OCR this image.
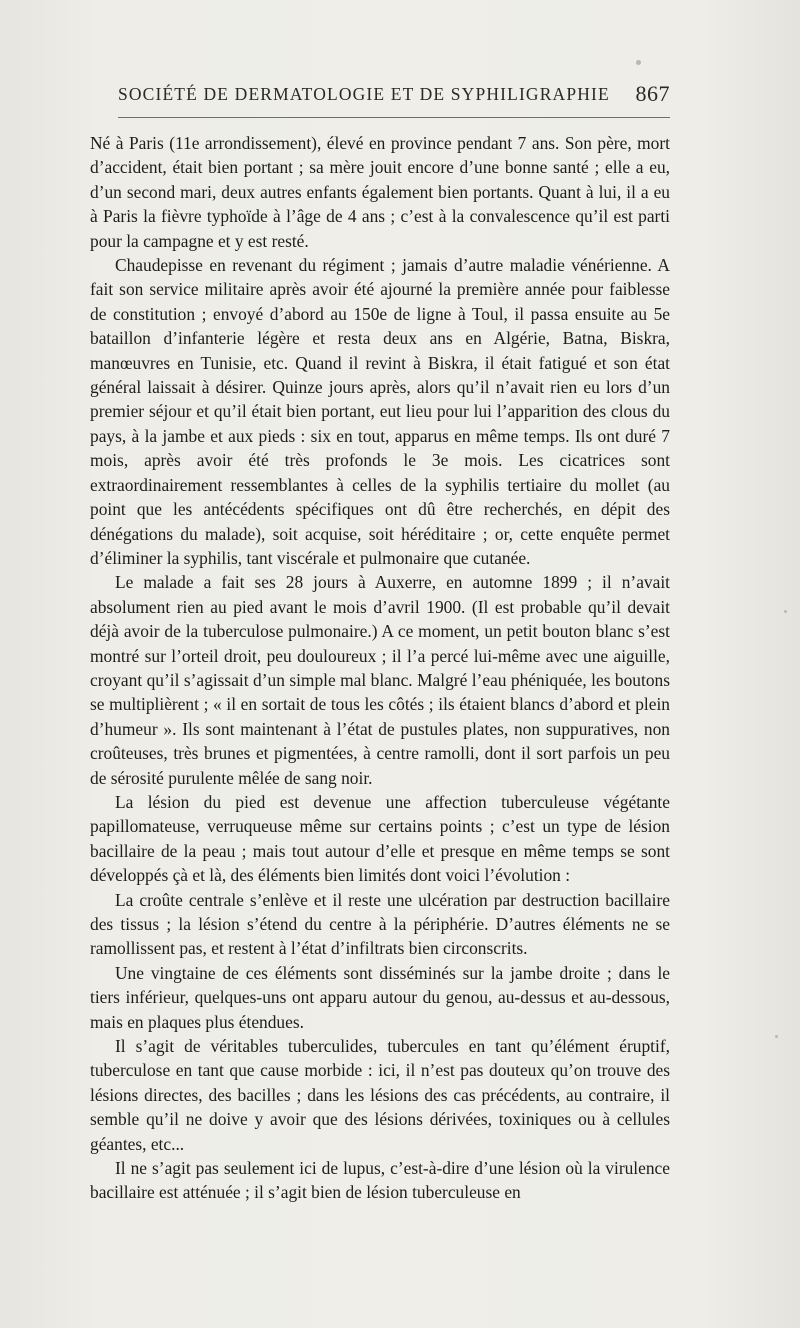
SOCIÉTÉ DE DERMATOLOGIE ET DE SYPHILIGRAPHIE 867

Né à Paris (11e arrondissement), élevé en province pendant 7 ans. Son père, mort d’accident, était bien portant ; sa mère jouit encore d’une bonne santé ; elle a eu, d’un second mari, deux autres enfants également bien portants. Quant à lui, il a eu à Paris la fièvre typhoïde à l’âge de 4 ans ; c’est à la convalescence qu’il est parti pour la campagne et y est resté.

Chaudepisse en revenant du régiment ; jamais d’autre maladie vénérienne. A fait son service militaire après avoir été ajourné la première année pour faiblesse de constitution ; envoyé d’abord au 150e de ligne à Toul, il passa ensuite au 5e bataillon d’infanterie légère et resta deux ans en Algérie, Batna, Biskra, manœuvres en Tunisie, etc. Quand il revint à Biskra, il était fatigué et son état général laissait à désirer. Quinze jours après, alors qu’il n’avait rien eu lors d’un premier séjour et qu’il était bien portant, eut lieu pour lui l’apparition des clous du pays, à la jambe et aux pieds : six en tout, apparus en même temps. Ils ont duré 7 mois, après avoir été très profonds le 3e mois. Les cicatrices sont extraordinairement ressemblantes à celles de la syphilis tertiaire du mollet (au point que les antécédents spécifiques ont dû être recherchés, en dépit des dénégations du malade), soit acquise, soit héréditaire ; or, cette enquête permet d’éliminer la syphilis, tant viscérale et pulmonaire que cutanée.

Le malade a fait ses 28 jours à Auxerre, en automne 1899 ; il n’avait absolument rien au pied avant le mois d’avril 1900. (Il est probable qu’il devait déjà avoir de la tuberculose pulmonaire.) A ce moment, un petit bouton blanc s’est montré sur l’orteil droit, peu douloureux ; il l’a percé lui-même avec une aiguille, croyant qu’il s’agissait d’un simple mal blanc. Malgré l’eau phéniquée, les boutons se multiplièrent ; « il en sortait de tous les côtés ; ils étaient blancs d’abord et plein d’humeur ». Ils sont maintenant à l’état de pustules plates, non suppuratives, non croûteuses, très brunes et pigmentées, à centre ramolli, dont il sort parfois un peu de sérosité purulente mêlée de sang noir.

La lésion du pied est devenue une affection tuberculeuse végétante papillomateuse, verruqueuse même sur certains points ; c’est un type de lésion bacillaire de la peau ; mais tout autour d’elle et presque en même temps se sont développés çà et là, des éléments bien limités dont voici l’évolution :

La croûte centrale s’enlève et il reste une ulcération par destruction bacillaire des tissus ; la lésion s’étend du centre à la périphérie. D’autres éléments ne se ramollissent pas, et restent à l’état d’infiltrats bien circonscrits.

Une vingtaine de ces éléments sont disséminés sur la jambe droite ; dans le tiers inférieur, quelques-uns ont apparu autour du genou, au-dessus et au-dessous, mais en plaques plus étendues.

Il s’agit de véritables tuberculides, tubercules en tant qu’élément éruptif, tuberculose en tant que cause morbide : ici, il n’est pas douteux qu’on trouve des lésions directes, des bacilles ; dans les lésions des cas précédents, au contraire, il semble qu’il ne doive y avoir que des lésions dérivées, toxiniques ou à cellules géantes, etc...

Il ne s’agit pas seulement ici de lupus, c’est-à-dire d’une lésion où la virulence bacillaire est atténuée ; il s’agit bien de lésion tuberculeuse en
